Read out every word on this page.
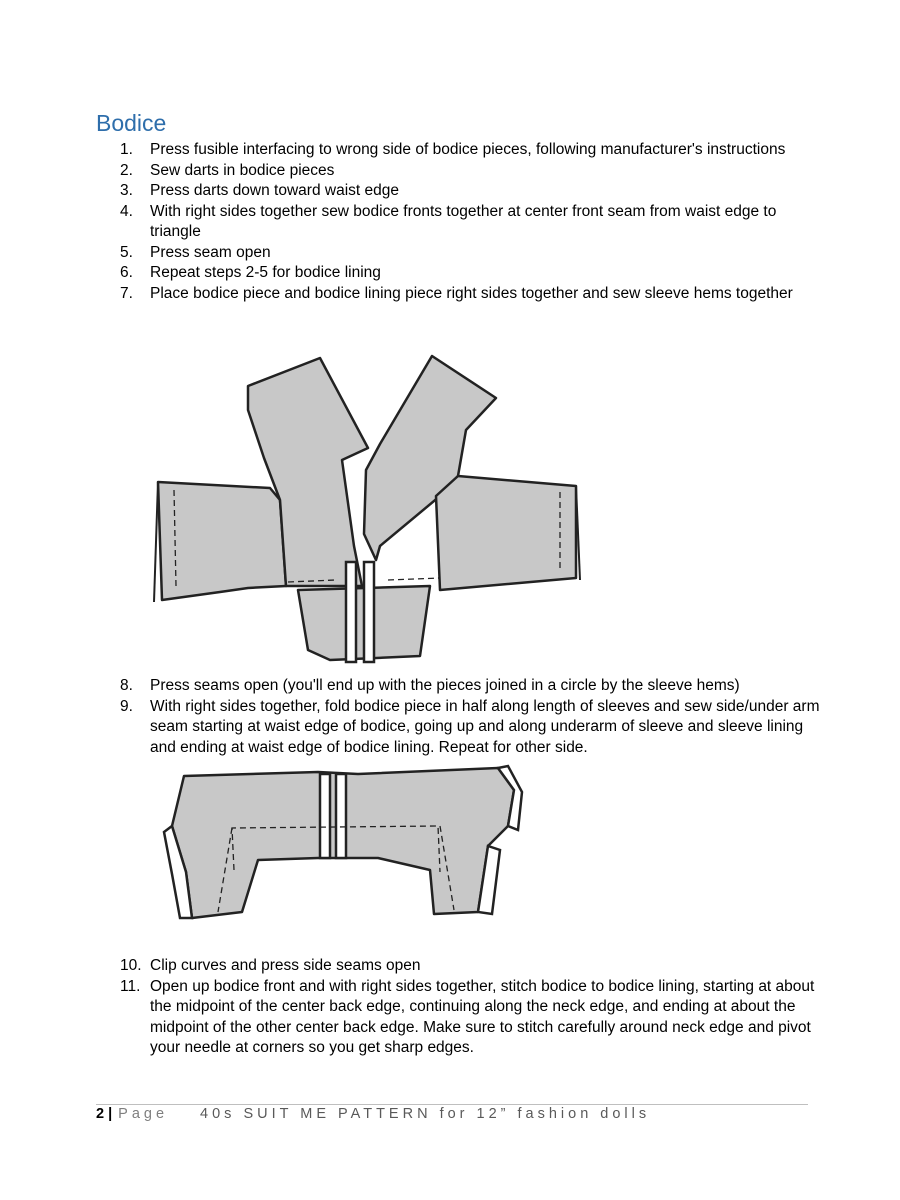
Bodice
1.	Press fusible interfacing to wrong side of bodice pieces, following manufacturer's instructions
2.	Sew darts in bodice pieces
3.	Press darts down toward waist edge
4.	With right sides together sew bodice fronts together at center front seam from waist edge to triangle
5.	Press seam open
6.	Repeat steps 2-5 for bodice lining
7.	Place bodice piece and bodice lining piece right sides together and sew sleeve hems together
8.	Press seams open (you'll end up with the pieces joined in a circle by the sleeve hems)
9.	With right sides together, fold bodice piece in half along length of sleeves and sew side/under arm seam starting at waist edge of bodice, going up and along underarm of sleeve and sleeve lining and ending at waist edge of bodice lining. Repeat for other side.
10. Clip curves and press side seams open
11. Open up bodice front and with right sides together, stitch bodice to bodice lining, starting at about the midpoint of the center back edge, continuing along the neck edge, and ending at about the midpoint of the other center back edge. Make sure to stitch carefully around neck edge and pivot your needle at corners so you get sharp edges.
2 | Page 40s SUIT ME PATTERN for 12” fashion dolls
